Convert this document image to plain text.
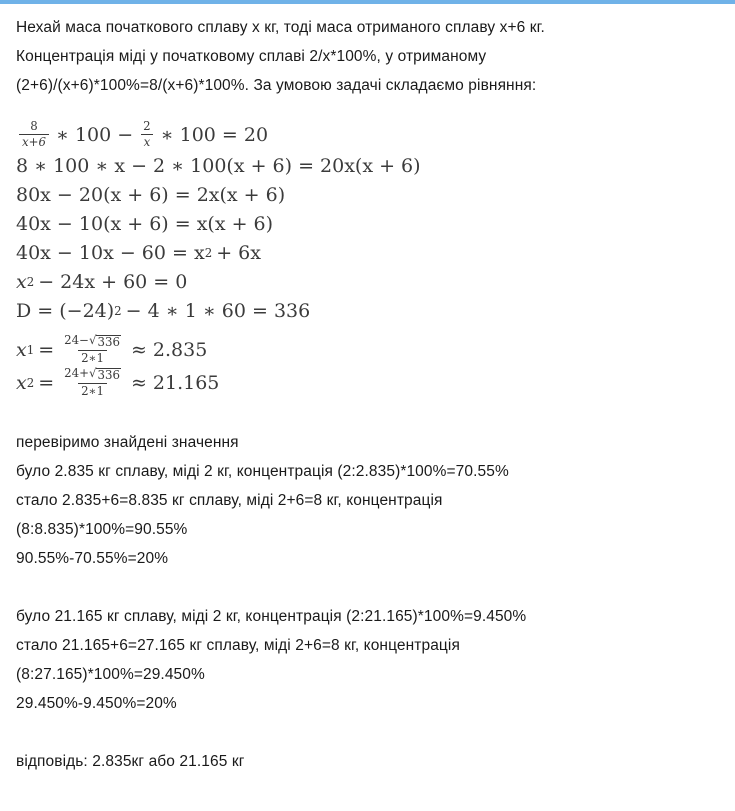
Нехай маса початкового сплаву x кг, тоді маса отриманого сплаву x+6 кг.
Концентрація міді у початковому сплаві 2/x*100%, у отриманому
(2+6)/(x+6)*100%=8/(x+6)*100%. За умовою задачі складаємо рівняння:
$\frac{8}{x+6}$ ∗ $100 - \frac{2}{x}$ ∗ 100 = 20
8 ∗ 100 ∗ x − 2 ∗ 100(x + 6) = 20x(x + 6)
80x − 20(x + 6) = 2x(x + 6)
40x − 10(x + 6) = x(x + 6)
40x − 10x − 60 = x 2 + 6x
x 2 − 24x + 60 = 0
D = (−24) 2 − 4 ∗ 1 ∗ 60 = 336
x $1 = \frac{24- √ 336}{2∗1} \approx 2.835$
x $2 = \frac{24+ √ 336}{2∗1} \approx 21.165$
перевіримо знайдені значення
було 2.835 кг сплаву, міді 2 кг, концентрація (2:2.835)*100%=70.55%
стало 2.835+6=8.835 кг сплаву, міді 2+6=8 кг, концентрація
(8:8.835)*100%=90.55%
90.55%-70.55%=20%
було 21.165 кг сплаву, міді 2 кг, концентрація (2:21.165)*100%=9.450%
стало 21.165+6=27.165 кг сплаву, міді 2+6=8 кг, концентрація
(8:27.165)*100%=29.450%
29.450%-9.450%=20%
відповідь: 2.835кг або 21.165 кг
